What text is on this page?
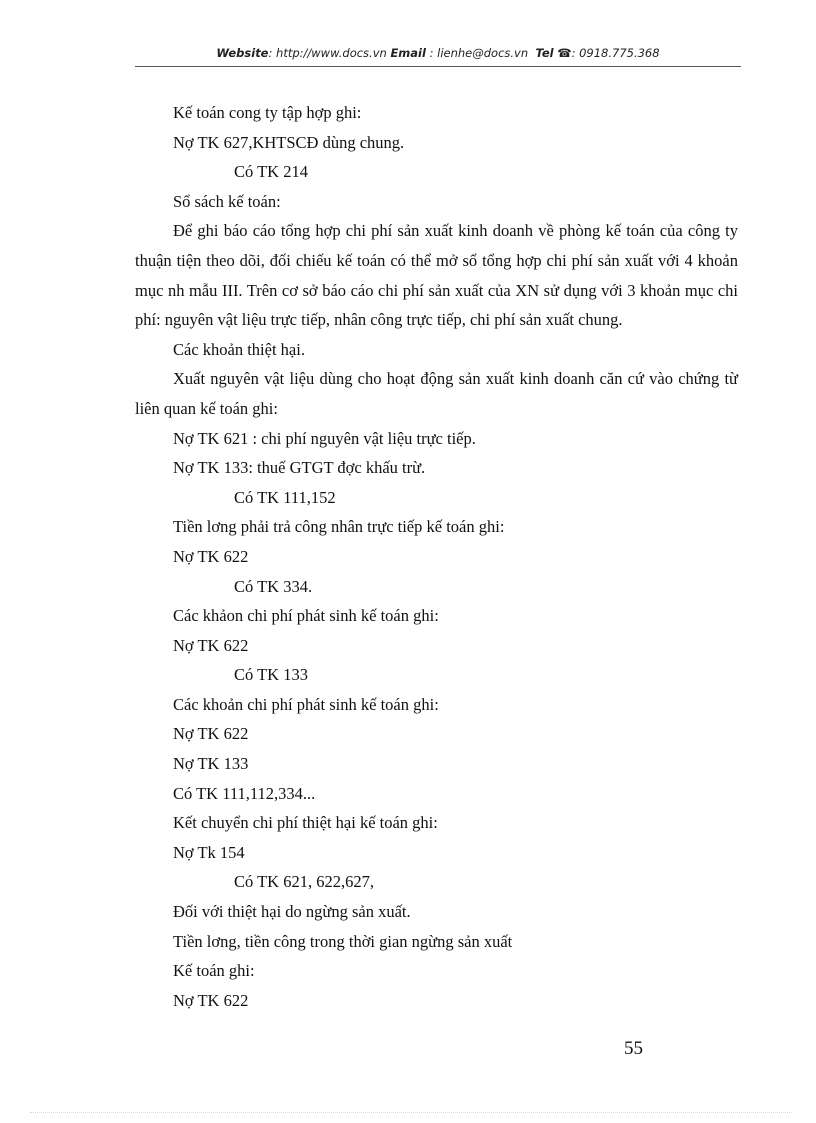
Website: http://www.docs.vn Email : lienhe@docs.vn Tel ☎: 0918.775.368

Kế toán cong ty tập hợp ghi:

Nợ TK 627,KHTSCĐ dùng chung.

Có TK 214

Sổ sách kế toán:

Để ghi báo cáo tổng hợp chi phí sản xuất kinh doanh về phòng kế toán của công ty thuận tiện theo dõi, đối chiếu kế toán có thể mở sổ tổng hợp chi phí sản xuất với 4 khoản mục nh mẫu III. Trên cơ sở báo cáo chi phí sản xuất của XN sử dụng với 3 khoản mục chi phí: nguyên vật liệu trực tiếp, nhân công trực tiếp, chi phí sản xuất chung.

Các khoản thiệt hại.

Xuất nguyên vật liệu dùng cho hoạt động sản xuất kinh doanh căn cứ vào chứng từ liên quan kế toán ghi:

Nợ TK 621 : chi phí nguyên vật liệu trực tiếp.

Nợ TK 133: thuế GTGT đợc khấu trừ.

Có TK 111,152

Tiền lơng phải trả công nhân trực tiếp kế toán ghi:

Nợ TK 622

Có TK 334.

Các khảon chi phí phát sinh kế toán ghi:

Nợ TK 622

Có TK 133

Các khoản chi phí phát sinh kế toán ghi:

Nợ TK 622

Nợ TK 133

Có TK 111,112,334...

Kết chuyển chi phí thiệt hại kế toán ghi:

Nợ Tk 154

Có TK 621, 622,627,

Đối với thiệt hại do ngừng sản xuất.

Tiền lơng, tiền công trong thời gian ngừng sản xuất

Kế toán ghi:

Nợ TK 622

55
